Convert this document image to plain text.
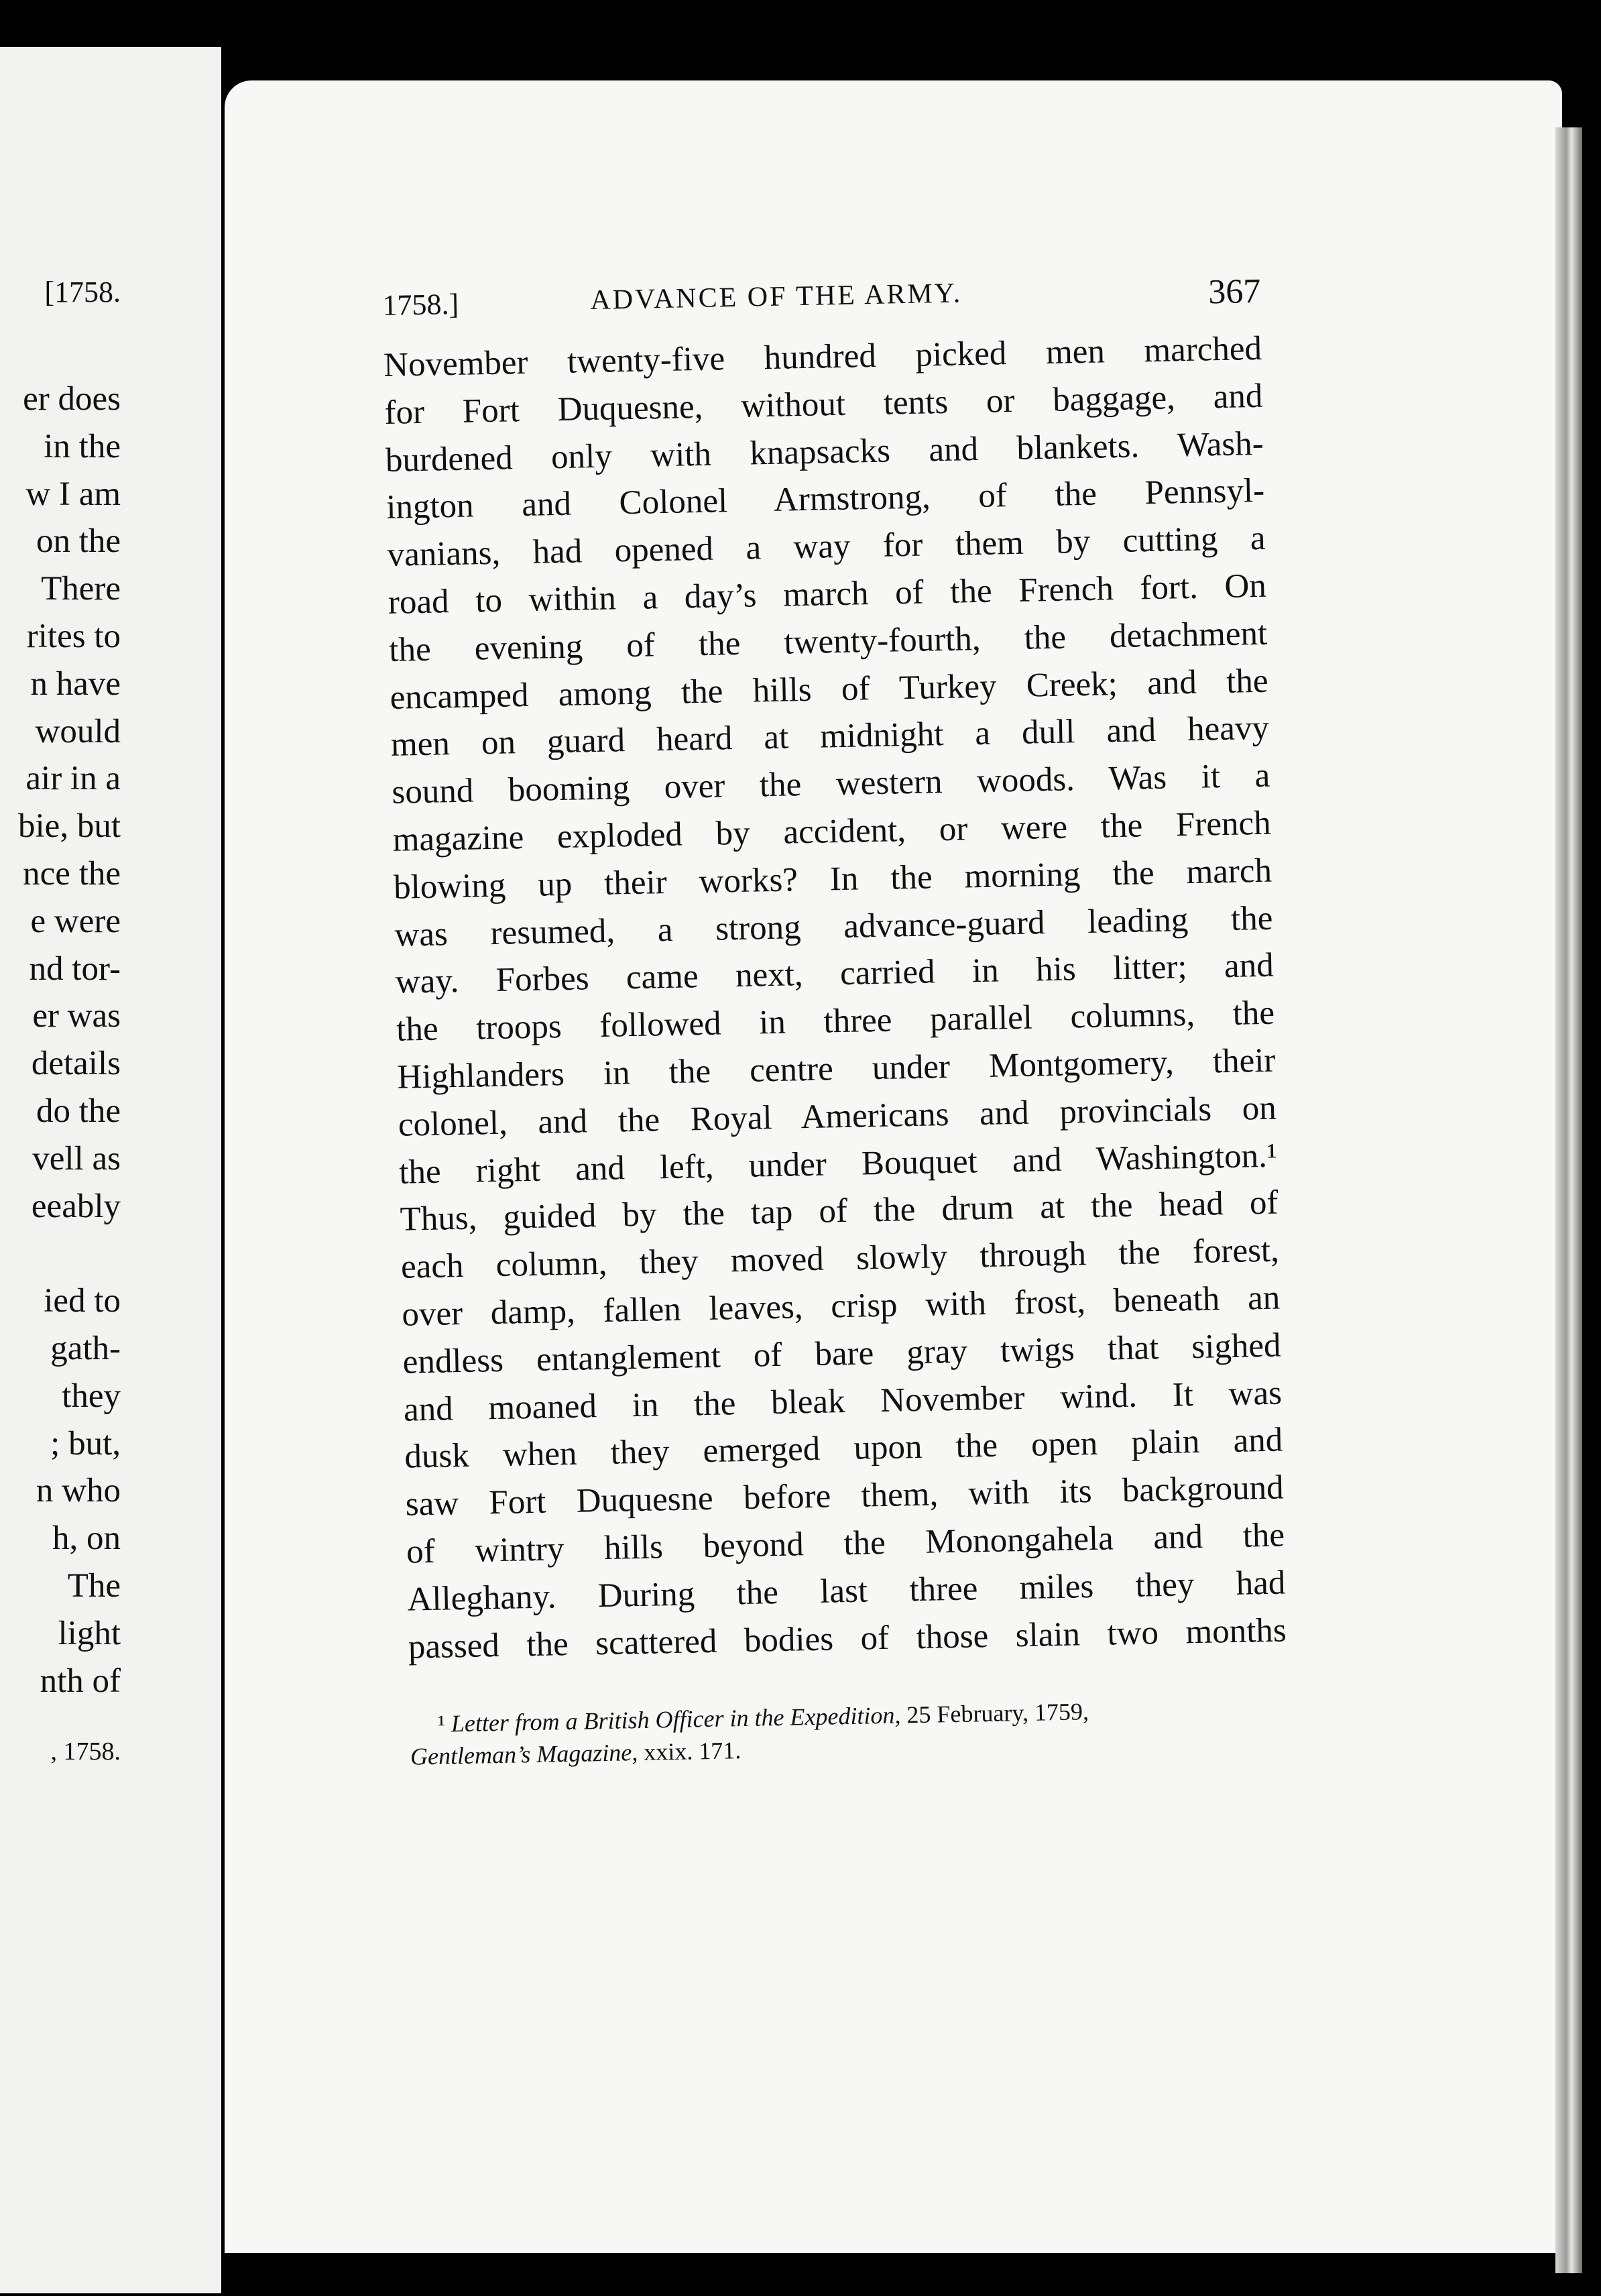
[1758.
er does
in the
w I am
on the
There
rites to
n have
would
air in a
bie, but
nce the
e were
nd tor-
er was
details
do the
vell as
eeably
ied to
gath-
they
; but,
n who
h, on
The
light
nth of
, 1758.
1758.]	ADVANCE OF THE ARMY.	367
November twenty-five hundred picked men marched
for Fort Duquesne, without tents or baggage, and
burdened only with knapsacks and blankets. Wash-
ington and Colonel Armstrong, of the Pennsyl-
vanians, had opened a way for them by cutting a
road to within a day’s march of the French fort. On
the evening of the twenty-fourth, the detachment
encamped among the hills of Turkey Creek; and the
men on guard heard at midnight a dull and heavy
sound booming over the western woods. Was it a
magazine exploded by accident, or were the French
blowing up their works? In the morning the march
was resumed, a strong advance-guard leading the
way. Forbes came next, carried in his litter; and
the troops followed in three parallel columns, the
Highlanders in the centre under Montgomery, their
colonel, and the Royal Americans and provincials on
the right and left, under Bouquet and Washington.¹
Thus, guided by the tap of the drum at the head of
each column, they moved slowly through the forest,
over damp, fallen leaves, crisp with frost, beneath an
endless entanglement of bare gray twigs that sighed
and moaned in the bleak November wind. It was
dusk when they emerged upon the open plain and
saw Fort Duquesne before them, with its background
of wintry hills beyond the Monongahela and the
Alleghany. During the last three miles they had
passed the scattered bodies of those slain two months
¹ Letter from a British Officer in the Expedition, 25 February, 1759,
Gentleman’s Magazine, xxix. 171.
